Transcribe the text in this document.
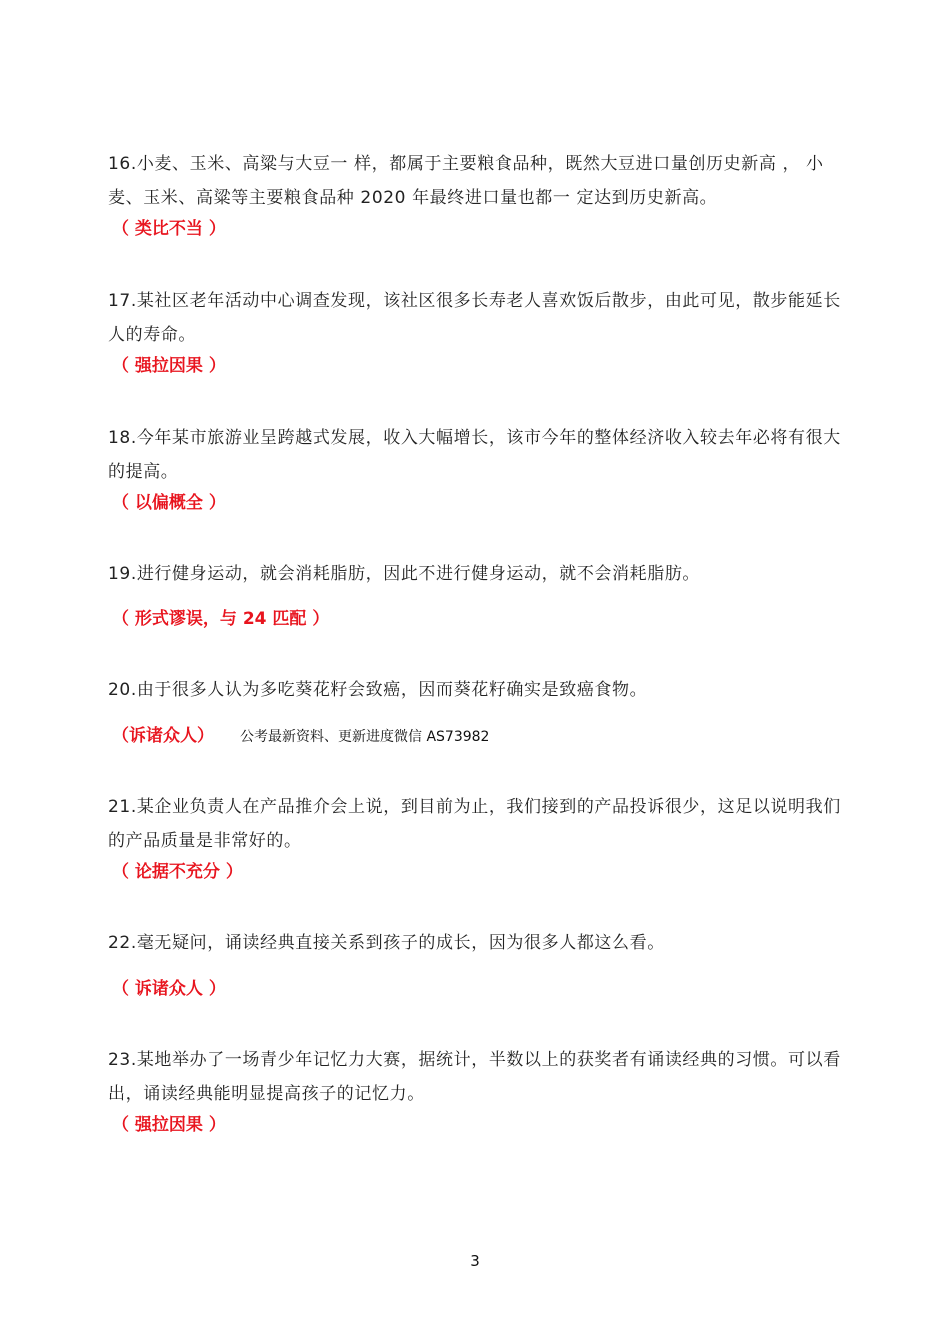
16.小麦、玉米、高粱与大豆一 样，都属于主要粮食品种，既然大豆进口量创历史新高 ， 小麦、玉米、高粱等主要粮食品种 2020 年最终进口量也都一 定达到历史新高。

（ 类比不当 ）

17.某社区老年活动中心调查发现，该社区很多长寿老人喜欢饭后散步，由此可见，散步能延长人的寿命。

（ 强拉因果 ）

18.今年某市旅游业呈跨越式发展，收入大幅增长，该市今年的整体经济收入较去年必将有很大的提高。

（ 以偏概全 ）

19.进行健身运动，就会消耗脂肪，因此不进行健身运动，就不会消耗脂肪。

（ 形式谬误，与 24 匹配 ）

20.由于很多人认为多吃葵花籽会致癌，因而葵花籽确实是致癌食物。

（诉诸众人） 公考最新资料、更新进度微信 AS73982

21.某企业负责人在产品推介会上说，到目前为止，我们接到的产品投诉很少，这足以说明我们的产品质量是非常好的。

（ 论据不充分 ）

22.毫无疑问，诵读经典直接关系到孩子的成长，因为很多人都这么看。

（ 诉诸众人 ）

23.某地举办了一场青少年记忆力大赛，据统计，半数以上的获奖者有诵读经典的习惯。可以看出，诵读经典能明显提高孩子的记忆力。

（ 强拉因果 ）

3
